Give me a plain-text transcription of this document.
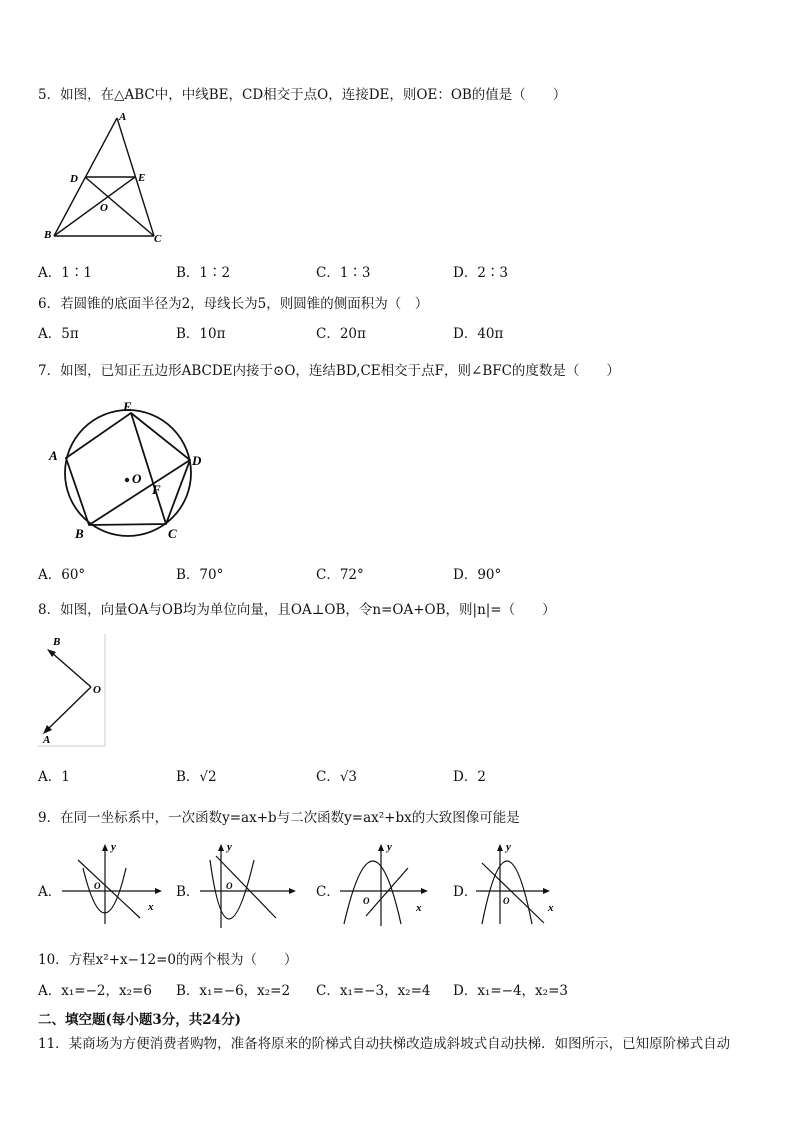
5．如图，在△ABC中，中线BE，CD相交于点O，连接DE，则OE：OB的值是（　　）
A
D	E
O
B	C
A．1∶1	B．1∶2	C．1∶3	D．2∶3
6．若圆锥的底面半径为2，母线长为5，则圆锥的侧面积为（　）
A．5π	B．10π	C．20π	D．40π
7．如图，已知正五边形ABCDE内接于⊙O，连结BD,CE相交于点F，则∠BFC的度数是（　　）
E
A	D
O
F
B	C
A．60°	B．70°	C．72°	D．90°
8．如图，向量OA与OB均为单位向量，且OA⊥OB，令n=OA+OB，则|n|=（　　）
B
O
A
A．1	B．√2	C．√3	D．2
9．在同一坐标系中，一次函数y=ax+b与二次函数y=ax²+bx的大致图像可能是
A．
y
x
O	B．
y
O	C．
y
x
O
D．
y
x
O
10．方程x²+x−12=0的两个根为（　　）
A．x₁=−2，x₂=6 B．x₁=−6，x₂=2 C．x₁=−3，x₂=4 D．x₁=−4，x₂=3
二、填空题(每小题3分，共24分)
11．某商场为方便消费者购物，准备将原来的阶梯式自动扶梯改造成斜坡式自动扶梯．如图所示，已知原阶梯式自动
